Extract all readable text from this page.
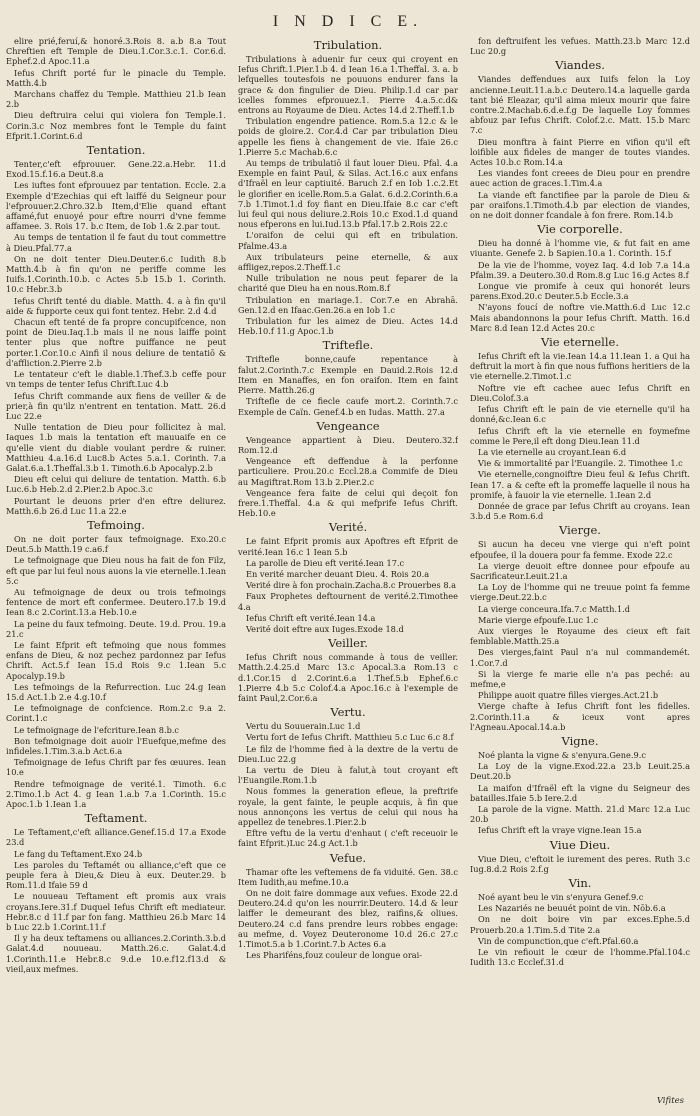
I N D I C E.

elire prié,feruí,& honoré.3.Rois 8. a.b 8.a Tout Chreftien eft Temple de Dieu.1.Cor.3.c.1. Cor.6.d. Ephef.2.d Apoc.11.a

Iefus Chrift porté fur le pinacle du Temple. Matth.4.b

Marchans chaffez du Temple. Matthieu 21.b Iean 2.b

Dieu deftruira celui qui violera fon Temple.1. Corin.3.c Noz membres font le Temple du faint Efprit.1.Corint.6.d

Tentation.

Tenter,c'eft efprouuer. Gene.22.a.Hebr. 11.d Exod.15.f.16.a Deut.8.a

Les iuftes font efprouuez par tentation. Eccle. 2.a Exemple d'Ezechias qui eft laiffé du Seigneur pour l'efprouuer.2.Chro.32.b Item,d'Elie quand eftant affamé,fut enuoyé pour eftre nourri d'vne femme affamee. 3. Rois 17. b.c Item, de Iob 1.& 2.par tout.

Au temps de tentation il fe faut du tout commettre à Dieu.Pfal.77.a

On ne doit tenter Dieu.Deuter.6.c Iudith 8.b Matth.4.b à fin qu'on ne periffe comme les Iuifs.1.Corinth.10.b. c Actes 5.b 15.b 1. Corinth. 10.c Hebr.3.b

Iefus Chrift tenté du diable. Matth. 4. a à fin qu'il aide & fupporte ceux qui font tentez. Hebr. 2.d 4.d

Chacun eft tenté de fa propre concupifcence, non point de Dieu.Iaq.1.b mais il ne nous laiffe point tenter plus que noftre puiffance ne peut porter.1.Cor.10.c Ainfi il nous deliure de tentatiō & d'affliction.2.Pierre 2.b

Le tentateur c'eft le diable.1.Thef.3.b ceffe pour vn temps de tenter Iefus Chrift.Luc 4.b

Iefus Chrift commande aux fiens de veiller & de prier,à fin qu'ilz n'entrent en tentation. Matt. 26.d Luc 22.e

Nulle tentation de Dieu pour follicitez à mal. Iaques 1.b mais la tentation eft mauuaife en ce qu'elle vient du diable voulant perdre & ruiner. Matthieu 4.a.16.d Luc8.b Actes 5.a.1. Corinth. 7.a Galat.6.a.1.Theffal.3.b 1. Timoth.6.b Apocalyp.2.b

Dieu eft celui qui deliure de tentation. Matth. 6.b Luc.6.b Heb.2.d 2.Pier.2.b Apoc.3.c

Pourtant le deuons prier d'en eftre deliurez. Matth.6.b 26.d Luc 11.a 22.e

Tefmoing.

On ne doit porter faux tefmoignage. Exo.20.c Deut.5.b Matth.19 c.a6.f

Le tefmoignage que Dieu nous ha fait de fon Filz, eft que par lui feul nous auons la vie eternelle.1.Iean 5.c

Au tefmoignage de deux ou trois tefmoings fentence de mort eft confermee. Deutero.17.b 19.d Iean 8.c 2.Corint.13.a Heb.10.e

La peine du faux tefmoing. Deute. 19.d. Prou. 19.a 21.c

Le faint Efprit eft tefmoing que nous fommes enfans de Dieu, & noz pechez pardonnez par Iefus Chrift. Act.5.f Iean 15.d Rois 9.c 1.Iean 5.c Apocalyp.19.b

Les tefmoings de la Refurrection. Luc 24.g Iean 15.d Act.1.b 2.e 4.g.10.f

Le tefmoignage de confcience. Rom.2.c 9.a 2. Corint.1.c

Le tefmoignage de l'efcriture.Iean 8.b.c

Bon tefmoignage doit auoir l'Euefque,mefme des infideles.1.Tim.3.a.b Act.6.a

Tefmoignage de Iefus Chrift par fes œuures. Iean 10.e

Rendre tefmoignage de verité.1. Timoth. 6.c 2.Timo.1.b Act 4. g Iean 1.a.b 7.a 1.Corinth. 15.c Apoc.1.b 1.Iean 1.a

Teftament.

Le Teftament,c'eft alliance.Genef.15.d 17.a Exode 23.d

Le fang du Teftament.Exo 24.b

Les paroles du Teftamét ou alliance,c'eft que ce peuple fera à Dieu,& Dieu à eux. Deuter.29. b Rom.11.d Ifaie 59 d

Le nouueau Teftament eft promis aux vrais croyans.Iere.31.f Duquel Iefus Chrift eft mediateur. Hebr.8.c d 11.f par fon fang. Matthieu 26.b Marc 14 b Luc 22.b 1.Corint.11.f

Il y ha deux teftamens ou alliances.2.Corinth.3.b.d Galat.4.d nouueau. Matth.26.c. Galat.4.d 1.Corinth.11.e Hebr.8.c 9.d.e 10.e.f12.f13.d & vieil,aux mefmes.

Tribulation.

Tribulations à aduenir fur ceux qui croyent en Iefus Chrift.1.Pier.1.b 4. d Iean 16.a 1.Theffal. 3. a. b lefquelles toutesfois ne pouuons endurer fans la grace & don fingulier de Dieu. Philip.1.d car par icelles fommes efprouuez.1. Pierre 4.a.5.c.d& entrons au Royaume de Dieu. Actes 14.d 2.Theff.1.b

Tribulation engendre patience. Rom.5.a 12.c & le poids de gloire.2. Cor.4.d Car par tribulation Dieu appelle les fiens à changement de vie. Ifaie 26.c 1.Pierre 5.c Machab.6.c

Au temps de tribulatiō il faut louer Dieu. Pfal. 4.a Exemple en faint Paul, & Silas. Act.16.c aux enfans d'Ifraël en leur captiuité. Baruch 2.f en Iob 1.c.2.Et le glorifier en icelle.Rom.5.a Galat. 6.d.2.Corinth.6.a 7.b 1.Timot.1.d foy fiant en Dieu.Ifaie 8.c car c'eft lui feul qui nous deliure.2.Rois 10.c Exod.1.d quand nous efperons en lui.Iud.13.b Pfal.17.b 2.Rois 22.c

L'oraifon de celui qui eft en tribulation. Pfalme.43.a

Aux tribulateurs peine eternelle, & aux affligez,repos.2.Theff.1.c

Nulle tribulation ne nous peut feparer de la charité que Dieu ha en nous.Rom.8.f

Tribulation en mariage.1. Cor.7.e en Abrahā. Gen.12.d en Ifaac.Gen.26.a en Iob 1.c

Tribulation fur les aimez de Dieu. Actes 14.d Heb.10.f 11.g Apoc.1.b

Triftefle.

Triftefle bonne,caufe repentance à falut.2.Corinth.7.c Exemple en Dauid.2.Rois 12.d Item en Manaffes, en fon oraifon. Item en faint Pierre. Matth.26.g

Triftefle de ce fiecle caufe mort.2. Corinth.7.c Exemple de Caïn. Genef.4.b en Iudas. Matth. 27.a

Vengeance

Vengeance appartient à Dieu. Deutero.32.f Rom.12.d

Vengeance eft deffendue à la perfonne particuliere. Prou.20.c Eccl.28.a Commife de Dieu au Magiftrat.Rom 13.b 2.Pier.2.c

Vengeance fera faite de celui qui deçoit fon frere.1.Theffal. 4.a & qui mefprife Iefus Chrift. Heb.10.e

Verité.

Le faint Efprit promis aux Apoftres eft Efprit de verité.Iean 16.c 1 Iean 5.b

La parolle de Dieu eft verité.Iean 17.c

En verité marcher deuant Dieu. 4. Rois 20.a

Verité dire à fon prochain.Zacha.8.c Prouerbes 8.a

Faux Prophetes deftournent de verité.2.Timothee 4.a

Iefus Chrift eft verité.Iean 14.a

Verité doit eftre aux Iuges.Exode 18.d

Veiller.

Iefus Chrift nous commande à tous de veiller. Matth.2.4.25.d Marc 13.c Apocal.3.a Rom.13 c d.1.Cor.15 d 2.Corint.6.a 1.Thef.5.b Ephef.6.c 1.Pierre 4.b 5.c Colof.4.a Apoc.16.c à l'exemple de faint Paul,2.Cor.6.a

Vertu.

Vertu du Souuerain.Luc 1.d

Vertu fort de Iefus Chrift. Matthieu 5.c Luc 6.c 8.f

Le filz de l'homme fied à la dextre de la vertu de Dieu.Luc 22.g

La vertu de Dieu à falut,à tout croyant eft l'Euangile.Rom.1.b

Nous fommes la generation efleue, la preftrife royale, la gent fainte, le peuple acquis, à fin que nous annonçons les vertus de celui qui nous ha appellez de tenebres.1.Pier.2.b

Eftre veftu de la vertu d'enhaut ( c'eft receuoir le faint Efprit.)Luc 24.g Act.1.b

Vefue.

Thamar ofte les veftemens de fa viduité. Gen. 38.c Item Iudith,au mefme.10.a

On ne doit faire dommage aux vefues. Exode 22.d Deutero.24.d qu'on les nourrir.Deutero. 14.d & leur laiffer le demeurant des blez, raifins,& oliues. Deutero.24 c.d fans prendre leurs robbes engage: au mefme, d. Voyez Deuteronome 10.d 26.c 27.c 1.Timot.5.a b 1.Corint.7.b Actes 6.a

Les Phariféns,fouz couleur de longue orai-

fon deftruifent les vefues. Matth.23.b Marc 12.d Luc 20.g

Viandes.

Viandes deffendues aux Iuifs felon la Loy ancienne.Leuit.11.a.b.c Deutero.14.a laquelle garda tant bié Eleazar, qu'il aima mieux mourir que faire contre.2.Machab.6.d.e.f.g De laquelle Loy fommes abfouz par Iefus Chrift. Colof.2.c. Matt. 15.b Marc 7.c

Dieu monftra à faint Pierre en vifion qu'il eft loifible aux fideles de manger de toutes viandes. Actes 10.b.c Rom.14.a

Les viandes font creees de Dieu pour en prendre auec action de graces.1.Tim.4.a

La viande eft fanctifiee par la parole de Dieu & par oraifons.1.Timoth.4.b par election de viandes, on ne doit donner fcandale à fon frere. Rom.14.b

Vie corporelle.

Dieu ha donné à l'homme vie, & fut fait en ame viuante. Genefe 2. b Sapien.10.a 1. Corinth. 15.f

De la vie de l'homme, voyez Iaq. 4.d Iob 7.a 14.a Pfalm.39. a Deutero.30.d Rom.8.g Luc 16.g Actes 8.f

Longue vie promife à ceux qui honorét leurs parens.Exod.20.c Deuter.5.b Eccle.3.a

N'ayons foucí de noftre vie.Matth.6.d Luc 12.c Mais abandonnons la pour Iefus Chrift. Matth. 16.d Marc 8.d Iean 12.d Actes 20.c

Vie eternelle.

Iefus Chrift eft la vie.Iean 14.a 11.Iean 1. a Qui ha deftruit la mort à fin que nous fuffions heritiers de la vie eternelle.2.Timot.1.c

Noftre vie eft cachee auec Iefus Chrift en Dieu.Colof.3.a

Iefus Chrift eft le pain de vie eternelle qu'il ha donné,&c.Iean 6.c

Iefus Chrift eft la vie eternelle en foymefme comme le Pere,il eft dong Dieu.Iean 11.d

La vie eternelle au croyant.Iean 6.d

Vie & immortalité par l'Euangile. 2. Timothee 1.c

Vie eternelle,congnoiftre Dieu feul & Iefus Chrift. Iean 17. a & cefte eft la promeffe laquelle il nous ha promife, à fauoir la vie eternelle. 1.Iean 2.d

Donnée de grace par Iefus Chrift au croyans. Iean 3.b.d 5.e Rom.6.d

Vierge.

Si aucun ha deceu vne vierge qui n'eft point efpoufee, il la douera pour fa femme. Exode 22.c

La vierge deuoit eftre donnee pour efpoufe au Sacrificateur.Leuit.21.a

La Loy de l'homme qui ne treuue point fa femme vierge.Deut.22.b.c

La vierge conceura.Ifa.7.c Matth.1.d

Marie vierge efpoufe.Luc 1.c

Aux vierges le Royaume des cieux eft fait femblable.Matth.25.a

Des vierges,faint Paul n'a nul commandemét. 1.Cor.7.d

Si la vierge fe marie elle n'a pas peché: au mefme,e

Philippe auoit quatre filles vierges.Act.21.b

Vierge chafte à Iefus Chrift font les fidelles. 2.Corinth.11.a & iceux vont apres l'Agneau.Apocal.14.a.b

Vigne.

Noé planta la vigne & s'enyura.Gene.9.c

La Loy de la vigne.Exod.22.a 23.b Leuit.25.a Deut.20.b

La maifon d'Ifraël eft la vigne du Seigneur des batailles.Ifaie 5.b Iere.2.d

La parole de la vigne. Matth. 21.d Marc 12.a Luc 20.b

Iefus Chrift eft la vraye vigne.Iean 15.a

Viue Dieu.

Viue Dieu, c'eftoit le iurement des peres. Ruth 3.c Iug.8.d.2 Rois 2.f.g

Vin.

Noé ayant beu le vin s'enyura Genef.9.c

Les Nazariés ne beuuét point de vin. Nōb.6.a

On ne doit boire vin par exces.Ephe.5.d Prouerb.20.a 1.Tim.5.d Tite 2.a

Vin de compunction,que c'eft.Pfal.60.a

Le vin refiouit le cœur de l'homme.Pfal.104.c Iudith 13.c Ecclef.31.d

Vifites
